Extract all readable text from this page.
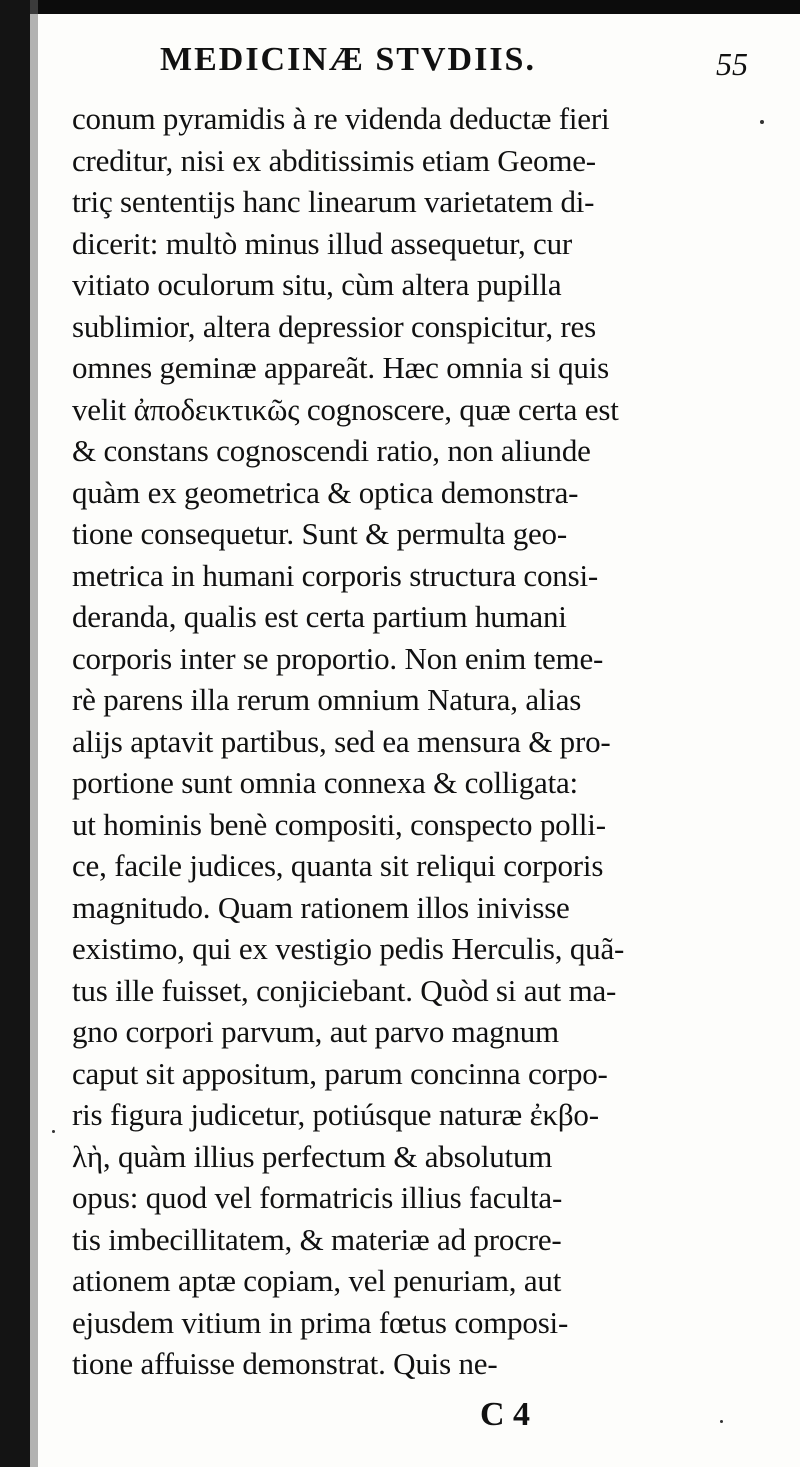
MEDICINÆ STVDIIS.	55
conum pyramidis à re videnda deductæ fieri
creditur, nisi ex abditissimis etiam Geome-
triç sententijs hanc linearum varietatem di-
dicerit: multò minus illud assequetur, cur
vitiato oculorum situ, cùm altera pupilla
sublimior, altera depressior conspicitur, res
omnes geminæ appareãt. Hæc omnia si quis
velit ἀποδεικτικῶς cognoscere, quæ certa est
& constans cognoscendi ratio, non aliunde
quàm ex geometrica & optica demonstra-
tione consequetur. Sunt & permulta geo-
metrica in humani corporis structura consi-
deranda, qualis est certa partium humani
corporis inter se proportio. Non enim teme-
rè parens illa rerum omnium Natura, alias
alijs aptavit partibus, sed ea mensura & pro-
portione sunt omnia connexa & colligata:
ut hominis benè compositi, conspecto polli-
ce, facile judices, quanta sit reliqui corporis
magnitudo. Quam rationem illos inivisse
existimo, qui ex vestigio pedis Herculis, quã-
tus ille fuisset, conjiciebant. Quòd si aut ma-
gno corpori parvum, aut parvo magnum
caput sit appositum, parum concinna corpo-
ris figura judicetur, potiúsque naturæ ἐκβο-
λὴ, quàm illius perfectum & absolutum
opus: quod vel formatricis illius faculta-
tis imbecillitatem, & materiæ ad procre-
ationem aptæ copiam, vel penuriam, aut
ejusdem vitium in prima fœtus composi-
tione affuisse demonstrat. Quis ne-
C 4
